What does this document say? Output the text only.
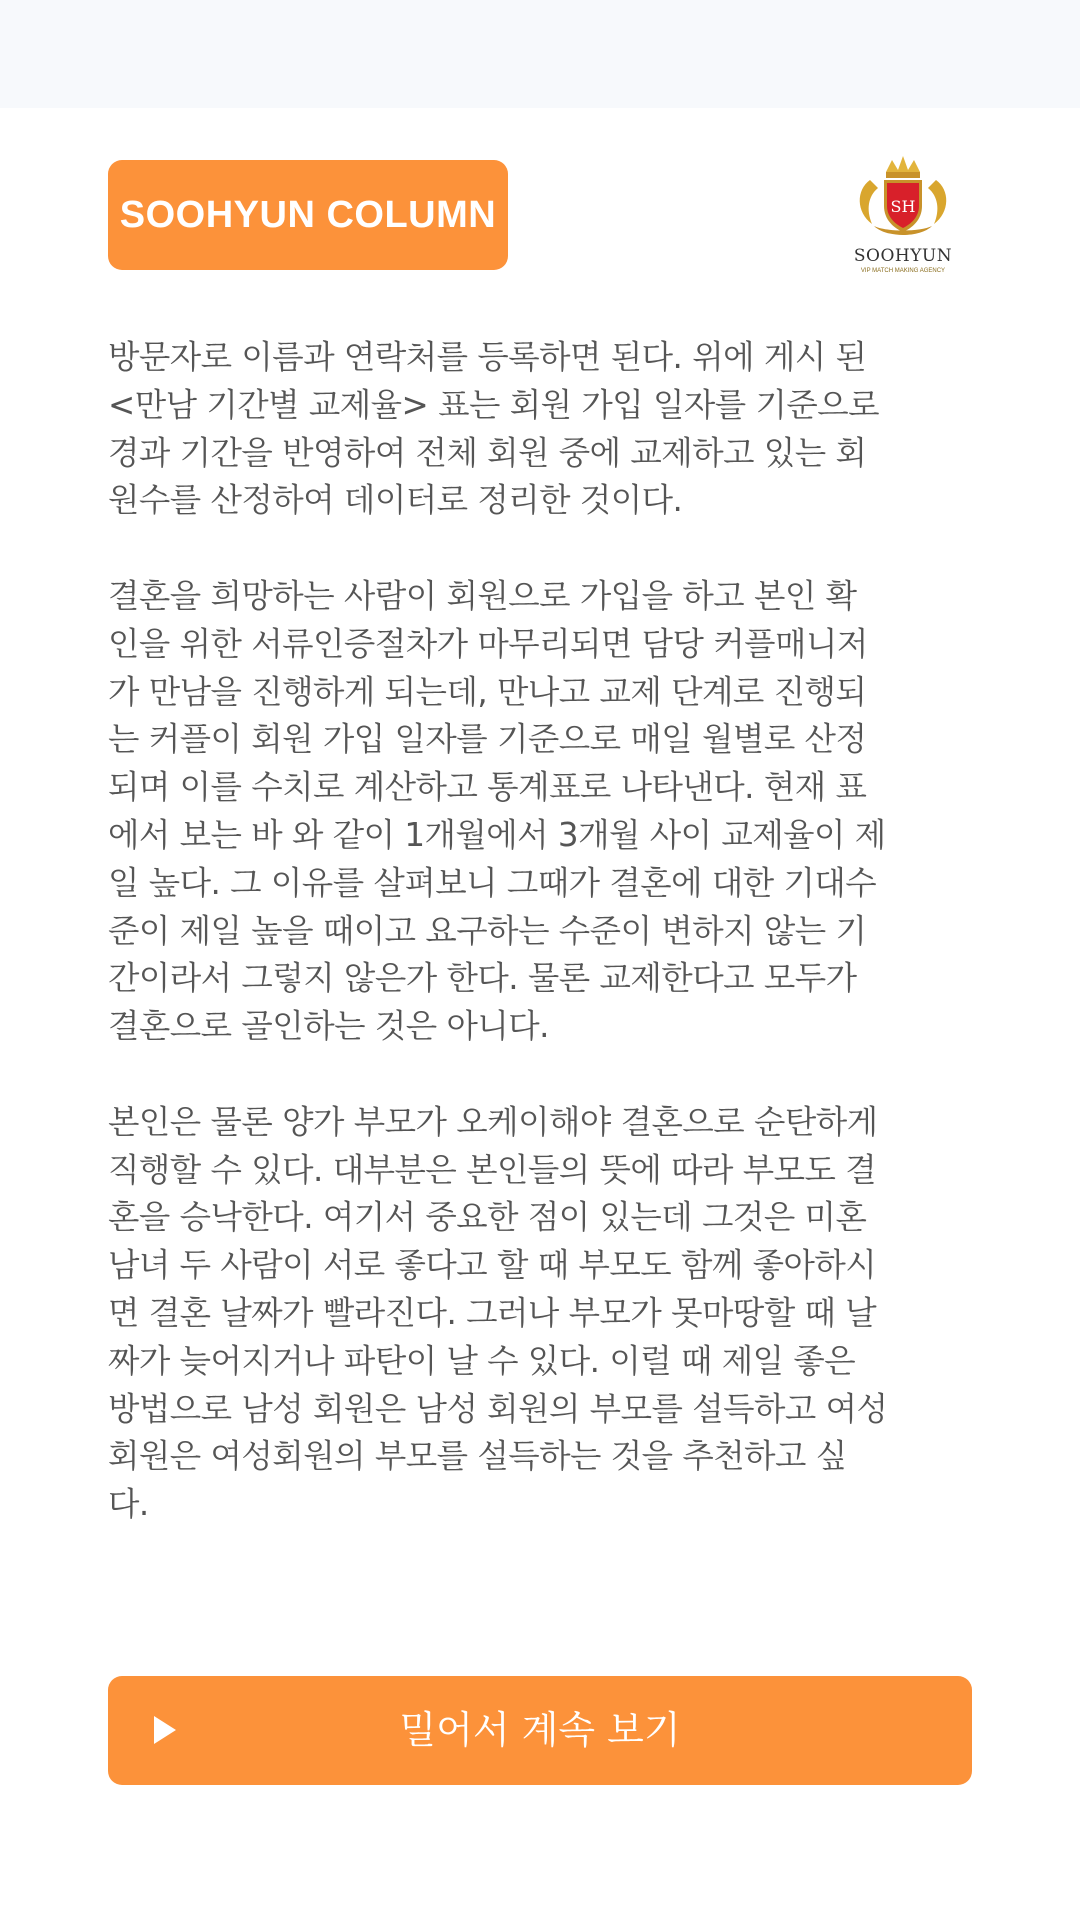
SOOHYUN COLUMN	SH
SOOHYUN
VIP MATCH MAKING AGENCY

방문자로 이름과 연락처를 등록하면 된다. 위에 게시 된
<만남 기간별 교제율> 표는 회원 가입 일자를 기준으로
경과 기간을 반영하여 전체 회원 중에 교제하고 있는 회
원수를 산정하여 데이터로 정리한 것이다.

결혼을 희망하는 사람이 회원으로 가입을 하고 본인 확
인을 위한 서류인증절차가 마무리되면 담당 커플매니저
가 만남을 진행하게 되는데, 만나고 교제 단계로 진행되
는 커플이 회원 가입 일자를 기준으로 매일 월별로 산정
되며 이를 수치로 계산하고 통계표로 나타낸다. 현재 표
에서 보는 바 와 같이 1개월에서 3개월 사이 교제율이 제
일 높다. 그 이유를 살펴보니 그때가 결혼에 대한 기대수
준이 제일 높을 때이고 요구하는 수준이 변하지 않는 기
간이라서 그렇지 않은가 한다. 물론 교제한다고 모두가
결혼으로 골인하는 것은 아니다.

본인은 물론 양가 부모가 오케이해야 결혼으로 순탄하게
직행할 수 있다. 대부분은 본인들의 뜻에 따라 부모도 결
혼을 승낙한다. 여기서 중요한 점이 있는데 그것은 미혼
남녀 두 사람이 서로 좋다고 할 때 부모도 함께 좋아하시
면 결혼 날짜가 빨라진다. 그러나 부모가 못마땅할 때 날
짜가 늦어지거나 파탄이 날 수 있다. 이럴 때 제일 좋은
방법으로 남성 회원은 남성 회원의 부모를 설득하고 여성
회원은 여성회원의 부모를 설득하는 것을 추천하고 싶
다.

밀어서 계속 보기
